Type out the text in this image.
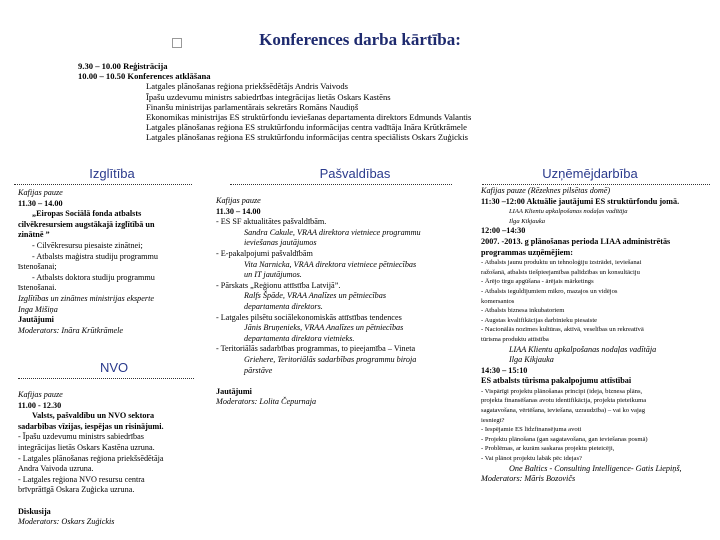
Konferences darba kārtība:
9.30 – 10.00 Reģistrācija
10.00 – 10.50 Konferences atklāšana
Latgales plānošanas reģiona priekšsēdētājs Andris Vaivods
Īpašu uzdevumu ministrs sabiedrības integrācijas lietās Oskars Kastēns
Finanšu ministrijas parlamentārais sekretārs Romāns Naudiņš
Ekonomikas ministrijas ES struktūrfondu ieviešanas departamenta direktors Edmunds Valantis
Latgales plānošanas reģiona ES struktūrfondu informācijas centra vadītāja Ināra Krūtkrāmele
Latgales plānošanas reģiona ES struktūrfondu informācijas centra speciālists Oskars Zuģickis
Izglītība	Pašvaldības	Uzņēmējdarbība
Kafijas pauze
11.30 – 14.00
„Eiropas Sociālā fonda atbalsts
cilvēkresursiem augstākajā izglītībā un
zinātnē ”
- Cilvēkresursu piesaiste zinātnei;
- Atbalsts maģistra studiju programmu
īstenošanai;
- Atbalsts doktora studiju programmu
īstenošanai.
Izglītības un zinātnes ministrijas eksperte
Inga Mišiņa
Jautājumi
Moderators: Ināra Krūtkrāmele
NVO
Kafijas pauze
11.00 - 12.30
Valsts, pašvaldību un NVO sektora
sadarbības vīzijas, iespējas un risinājumi.
- Īpašu uzdevumu ministrs sabiedrības
integrācijas lietās Oskars Kastēna uzruna.
- Latgales plānošanas reģiona priekšsēdētāja
Andra Vaivoda uzruna.
- Latgales reģiona NVO resursu centra
brīvprātīgā Oskara Zuģicka uzruna.

Diskusija
Moderators: Oskars Zuģickis
Kafijas pauze
11.30 – 14.00
- ES SF aktualitātes pašvaldībām.
Sandra Cakule, VRAA direktora vietniece programmu
ieviešanas jautājumos
- E-pakalpojumi pašvaldībām
Vita Narnicka, VRAA direktora vietniece pētniecības
un IT jautājumos.
- Pārskats „Reģionu attīstība Latvijā”.
Ralfs Špāde, VRAA Analīzes un pētniecības
departamenta direktors.
- Latgales pilsētu sociālekonomiskās attīstības tendences
Jānis Bruņenieks, VRAA Analīzes un pētniecības
departamenta direktora vietnieks.
- Teritoriālās sadarbības programmas, to pieejamība – Vineta
Griehere, Teritoriālās sadarbības programmu biroja
pārstāve

Jautājumi
Moderators: Lolita Čepurnaja
Kafijas pauze (Rēzeknes pilsētas domē)
11:30 –12:00 Aktuālie jautājumi ES struktūrfondu jomā.
LIAA Klientu apkalpošanas nodaļas vadītāja
Ilga Kikjauka
12:00 –14:30
2007. -2013. g plānošanas perioda LIAA administrētās
programmas uzņēmējiem:
- Atbalsts jaunu produktu un tehnoloģiju izstrādei, ieviešanai
ražošanā, atbalsts tiešpieejamības palīdzības un konsultāciju
- Ārējo tirgu apgūšana - ārējais mārketings
- Atbalsts ieguldījumiem mikro, mazajos un vidējos
komersantos
- Atbalsts biznesa inkubatoriem
- Augstas kvalifikācijas darbinieku piesaiste
- Nacionālās nozīmes kultūras, aktīvā, veselības un rekreatīvā
tūrisma produktu attīstība
LIAA Klientu apkalpošanas nodaļas vadītāja
Ilga Kikjauka
14:30 – 15:10
ES atbalsts tūrisma pakalpojumu attīstībai
- Vispārīgi projektu plānošanas principi (ideja, biznesa plāns,
projekta finansēšanas avotu identifikācija, projekta pieteikuma
sagatavošana, vērtēšana, ieviešana, uzraudzība) – vai ko vajag
iesniegt?
- Iespējamie ES līdzfinansējuma avoti
- Projektu plānošana (gan sagatavošana, gan ieviešanas posmā)
- Problēmas, ar kurām saskaras projektu pieteicēji,
- Vai plānot projektu labāk pēc idejas?
One Baltics - Consulting Intelligence- Gatis Liepiņš,
Moderators: Māris Bozovičs
